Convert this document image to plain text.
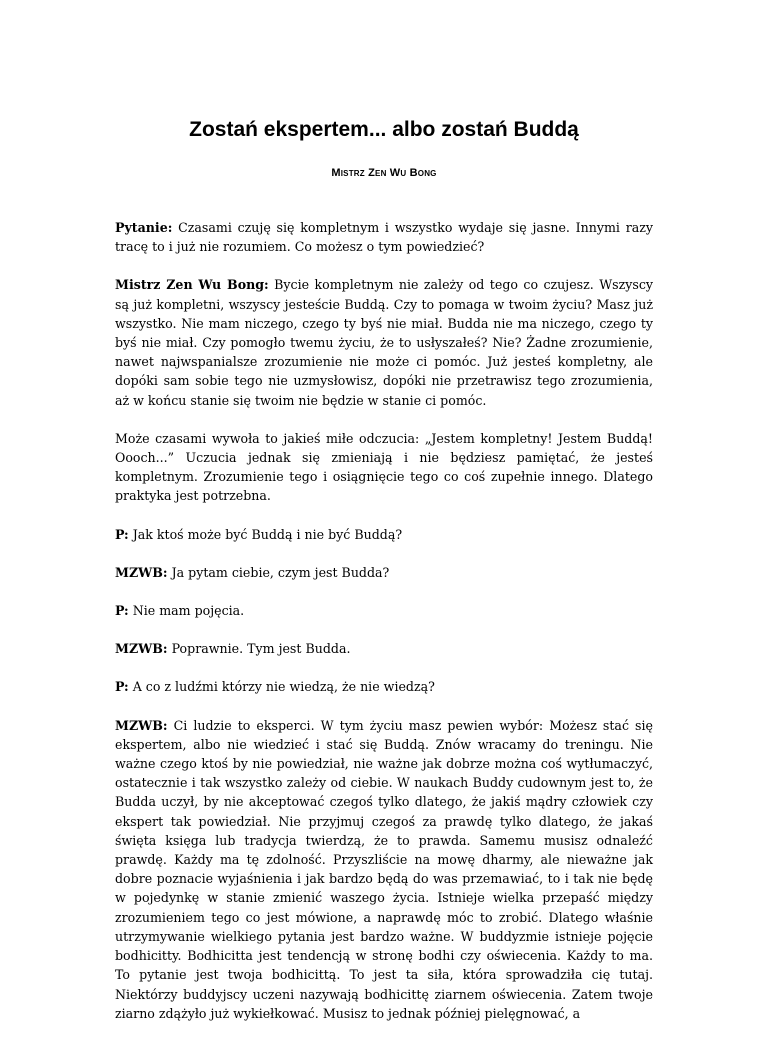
Zostań ekspertem... albo zostań Buddą
Mistrz Zen Wu Bong

Pytanie: Czasami czuję się kompletnym i wszystko wydaje się jasne. Innymi razy tracę to i już nie rozumiem. Co możesz o tym powiedzieć?

Mistrz Zen Wu Bong: Bycie kompletnym nie zależy od tego co czujesz. Wszyscy są już kompletni, wszyscy jesteście Buddą. Czy to pomaga w twoim życiu? Masz już wszystko. Nie mam niczego, czego ty byś nie miał. Budda nie ma niczego, czego ty byś nie miał. Czy pomogło twemu życiu, że to usłyszałeś? Nie? Żadne zrozumienie, nawet najwspanialsze zrozumienie nie może ci pomóc. Już jesteś kompletny, ale dopóki sam sobie tego nie uzmysłowisz, dopóki nie przetrawisz tego zrozumienia, aż w końcu stanie się twoim nie będzie w stanie ci pomóc.

Może czasami wywoła to jakieś miłe odczucia: „Jestem kompletny! Jestem Buddą! Oooch...” Uczucia jednak się zmieniają i nie będziesz pamiętać, że jesteś kompletnym. Zrozumienie tego i osiągnięcie tego co coś zupełnie innego. Dlatego praktyka jest potrzebna.

P: Jak ktoś może być Buddą i nie być Buddą?

MZWB: Ja pytam ciebie, czym jest Budda?

P: Nie mam pojęcia.

MZWB: Poprawnie. Tym jest Budda.

P: A co z ludźmi którzy nie wiedzą, że nie wiedzą?

MZWB: Ci ludzie to eksperci. W tym życiu masz pewien wybór: Możesz stać się ekspertem, albo nie wiedzieć i stać się Buddą. Znów wracamy do treningu. Nie ważne czego ktoś by nie powiedział, nie ważne jak dobrze można coś wytłumaczyć, ostatecznie i tak wszystko zależy od ciebie. W naukach Buddy cudownym jest to, że Budda uczył, by nie akceptować czegoś tylko dlatego, że jakiś mądry człowiek czy ekspert tak powiedział. Nie przyjmuj czegoś za prawdę tylko dlatego, że jakaś święta księga lub tradycja twierdzą, że to prawda. Samemu musisz odnaleźć prawdę. Każdy ma tę zdolność. Przyszliście na mowę dharmy, ale nieważne jak dobre poznacie wyjaśnienia i jak bardzo będą do was przemawiać, to i tak nie będę w pojedynkę w stanie zmienić waszego życia. Istnieje wielka przepaść między zrozumieniem tego co jest mówione, a naprawdę móc to zrobić. Dlatego właśnie utrzymywanie wielkiego pytania jest bardzo ważne. W buddyzmie istnieje pojęcie bodhicitty. Bodhicitta jest tendencją w stronę bodhi czy oświecenia. Każdy to ma. To pytanie jest twoja bodhicittą. To jest ta siła, która sprowadziła cię tutaj. Niektórzy buddyjscy uczeni nazywają bodhicittę ziarnem oświecenia. Zatem twoje ziarno zdążyło już wykiełkować. Musisz to jednak później pielęgnować, a
